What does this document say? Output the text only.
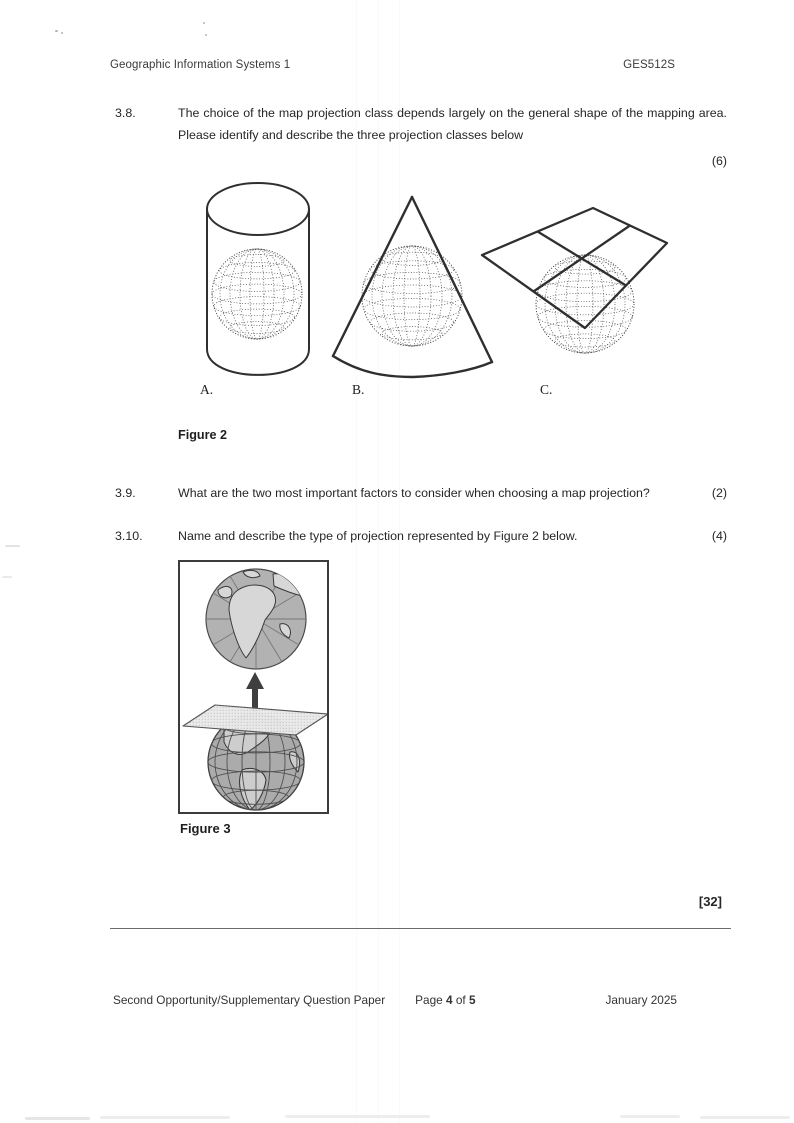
Geographic Information Systems 1	GES512S
3.8.	The choice of the map projection class depends largely on the general shape of the mapping area. Please identify and describe the three projection classes below
(6)
A.	B.	C.
Figure 2
3.9.	What are the two most important factors to consider when choosing a map projection?	(2)
3.10.	Name and describe the type of projection represented by Figure 2 below.	(4)
Figure 3
[32]
Second Opportunity/Supplementary Question Paper	Page 4 of 5	January 2025
